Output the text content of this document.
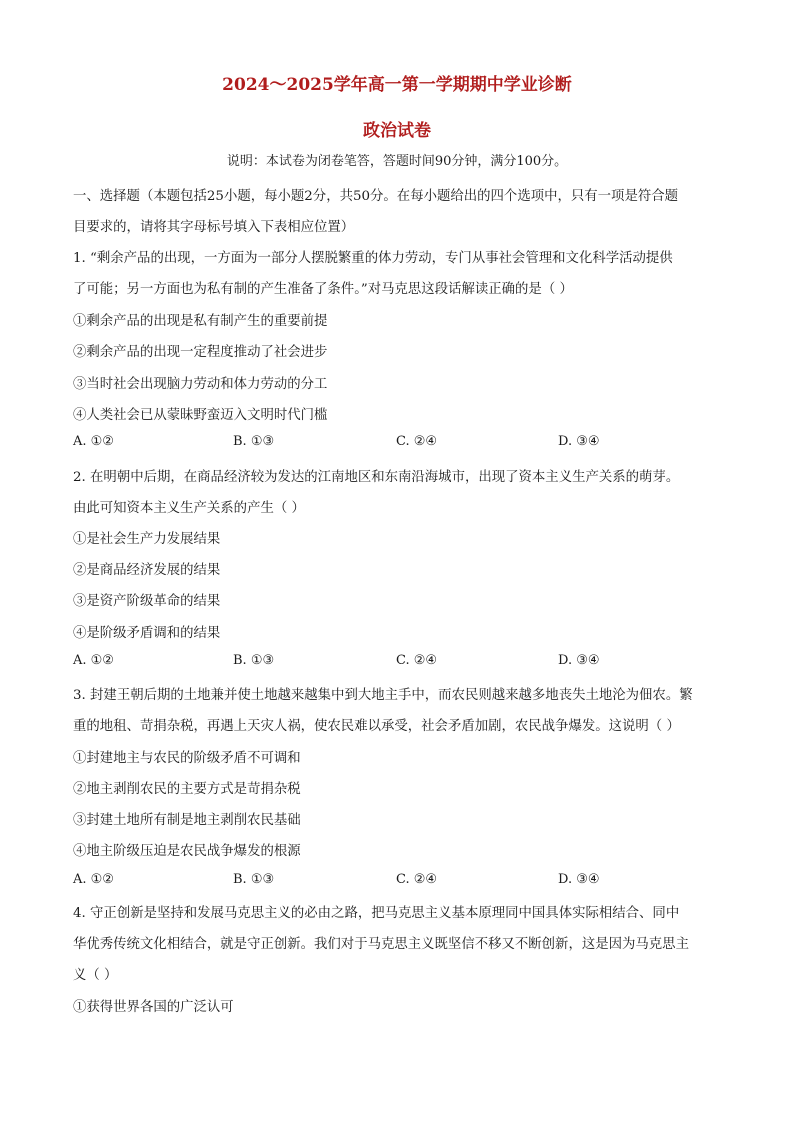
2024～2025学年高一第一学期期中学业诊断
政治试卷
说明：本试卷为闭卷笔答，答题时间90分钟，满分100分。
一、选择题（本题包括25小题，每小题2分，共50分。在每小题给出的四个选项中，只有一项是符合题
目要求的，请将其字母标号填入下表相应位置）
1. “剩余产品的出现，一方面为一部分人摆脱繁重的体力劳动，专门从事社会管理和文化科学活动提供
了可能；另一方面也为私有制的产生准备了条件。”对马克思这段话解读正确的是（ ）
①剩余产品的出现是私有制产生的重要前提
②剩余产品的出现一定程度推动了社会进步
③当时社会出现脑力劳动和体力劳动的分工
④人类社会已从蒙昧野蛮迈入文明时代门槛
A. ①②	B. ①③	C. ②④	D. ③④
2. 在明朝中后期，在商品经济较为发达的江南地区和东南沿海城市，出现了资本主义生产关系的萌芽。
由此可知资本主义生产关系的产生（ ）
①是社会生产力发展结果
②是商品经济发展的结果
③是资产阶级革命的结果
④是阶级矛盾调和的结果
A. ①②	B. ①③	C. ②④	D. ③④
3. 封建王朝后期的土地兼并使土地越来越集中到大地主手中，而农民则越来越多地丧失土地沦为佃农。繁
重的地租、苛捐杂税，再遇上天灾人祸，使农民难以承受，社会矛盾加剧，农民战争爆发。这说明（ ）
①封建地主与农民的阶级矛盾不可调和
②地主剥削农民的主要方式是苛捐杂税
③封建土地所有制是地主剥削农民基础
④地主阶级压迫是农民战争爆发的根源
A. ①②	B. ①③	C. ②④	D. ③④
4. 守正创新是坚持和发展马克思主义的必由之路，把马克思主义基本原理同中国具体实际相结合、同中
华优秀传统文化相结合，就是守正创新。我们对于马克思主义既坚信不移又不断创新，这是因为马克思主
义（ ）
①获得世界各国的广泛认可
